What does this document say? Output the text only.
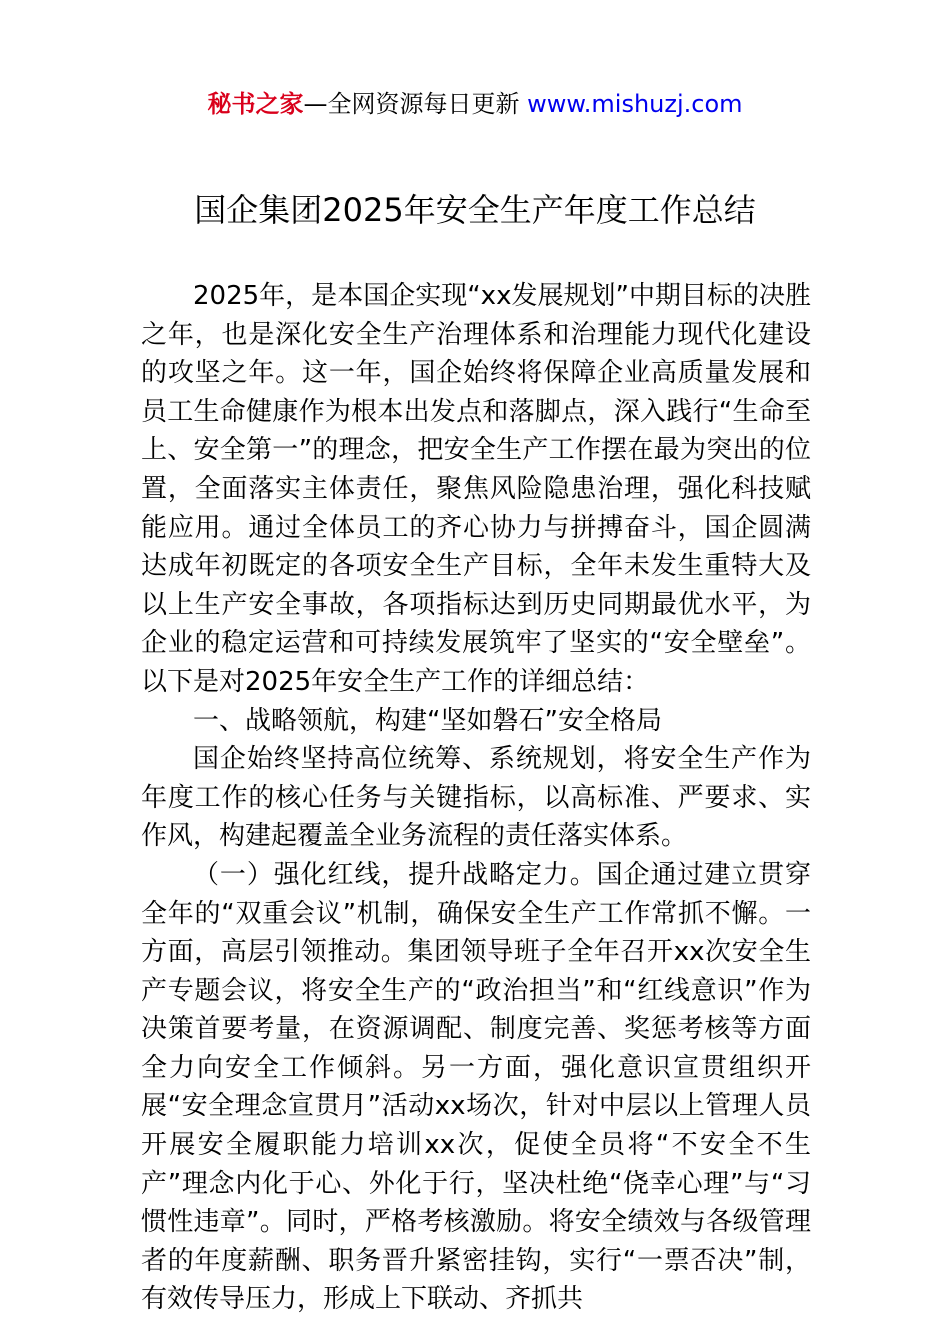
秘书之家—全网资源每日更新 www.mishuzj.com
国企集团2025年安全生产年度工作总结

2025年，是本国企实现“xx发展规划”中期目标的决胜之年，也是深化安全生产治理体系和治理能力现代化建设的攻坚之年。这一年，国企始终将保障企业高质量发展和员工生命健康作为根本出发点和落脚点，深入践行“生命至上、安全第一”的理念，把安全生产工作摆在最为突出的位置，全面落实主体责任，聚焦风险隐患治理，强化科技赋能应用。通过全体员工的齐心协力与拼搏奋斗，国企圆满达成年初既定的各项安全生产目标，全年未发生重特大及以上生产安全事故，各项指标达到历史同期最优水平，为企业的稳定运营和可持续发展筑牢了坚实的“安全壁垒”。以下是对2025年安全生产工作的详细总结：

一、战略领航，构建“坚如磐石”安全格局

国企始终坚持高位统筹、系统规划，将安全生产作为年度工作的核心任务与关键指标，以高标准、严要求、实作风，构建起覆盖全业务流程的责任落实体系。

（一）强化红线，提升战略定力。国企通过建立贯穿全年的“双重会议”机制，确保安全生产工作常抓不懈。一方面，高层引领推动。集团领导班子全年召开xx次安全生产专题会议，将安全生产的“政治担当”和“红线意识”作为决策首要考量，在资源调配、制度完善、奖惩考核等方面全力向安全工作倾斜。另一方面，强化意识宣贯组织开展“安全理念宣贯月”活动xx场次，针对中层以上管理人员开展安全履职能力培训xx次，促使全员将“不安全不生产”理念内化于心、外化于行，坚决杜绝“侥幸心理”与“习惯性违章”。同时，严格考核激励。将安全绩效与各级管理者的年度薪酬、职务晋升紧密挂钩，实行“一票否决”制，有效传导压力，形成上下联动、齐抓共
